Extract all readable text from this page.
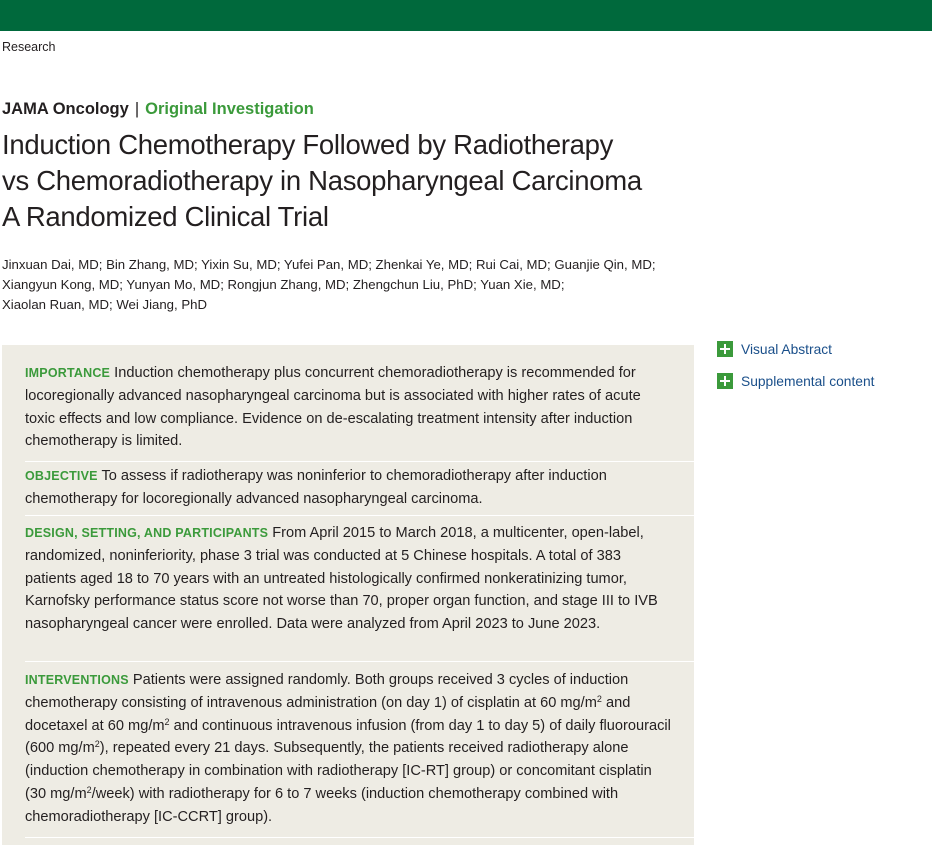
Research
JAMA Oncology | Original Investigation
Induction Chemotherapy Followed by Radiotherapy
vs Chemoradiotherapy in Nasopharyngeal Carcinoma
A Randomized Clinical Trial
Jinxuan Dai, MD; Bin Zhang, MD; Yixin Su, MD; Yufei Pan, MD; Zhenkai Ye, MD; Rui Cai, MD; Guanjie Qin, MD;
Xiangyun Kong, MD; Yunyan Mo, MD; Rongjun Zhang, MD; Zhengchun Liu, PhD; Yuan Xie, MD;
Xiaolan Ruan, MD; Wei Jiang, PhD
Visual Abstract
Supplemental content
IMPORTANCE Induction chemotherapy plus concurrent chemoradiotherapy is recommended for locoregionally advanced nasopharyngeal carcinoma but is associated with higher rates of acute toxic effects and low compliance. Evidence on de-escalating treatment intensity after induction chemotherapy is limited.
OBJECTIVE To assess if radiotherapy was noninferior to chemoradiotherapy after induction chemotherapy for locoregionally advanced nasopharyngeal carcinoma.
DESIGN, SETTING, AND PARTICIPANTS From April 2015 to March 2018, a multicenter, open-label, randomized, noninferiority, phase 3 trial was conducted at 5 Chinese hospitals. A total of 383 patients aged 18 to 70 years with an untreated histologically confirmed nonkeratinizing tumor, Karnofsky performance status score not worse than 70, proper organ function, and stage III to IVB nasopharyngeal cancer were enrolled. Data were analyzed from April 2023 to June 2023.
INTERVENTIONS Patients were assigned randomly. Both groups received 3 cycles of induction chemotherapy consisting of intravenous administration (on day 1) of cisplatin at 60 $mg/m^2$ and docetaxel at 60 $mg/m^2$ and continuous intravenous infusion (from day 1 to day 5) of daily fluorouracil (600 $mg/m^2$), repeated every 21 days. Subsequently, the patients received radiotherapy alone (induction chemotherapy in combination with radiotherapy [IC-RT] group) or concomitant cisplatin (30 $mg/m^2/week$) with radiotherapy for 6 to 7 weeks (induction chemotherapy combined with chemoradiotherapy [IC-CCRT] group).
